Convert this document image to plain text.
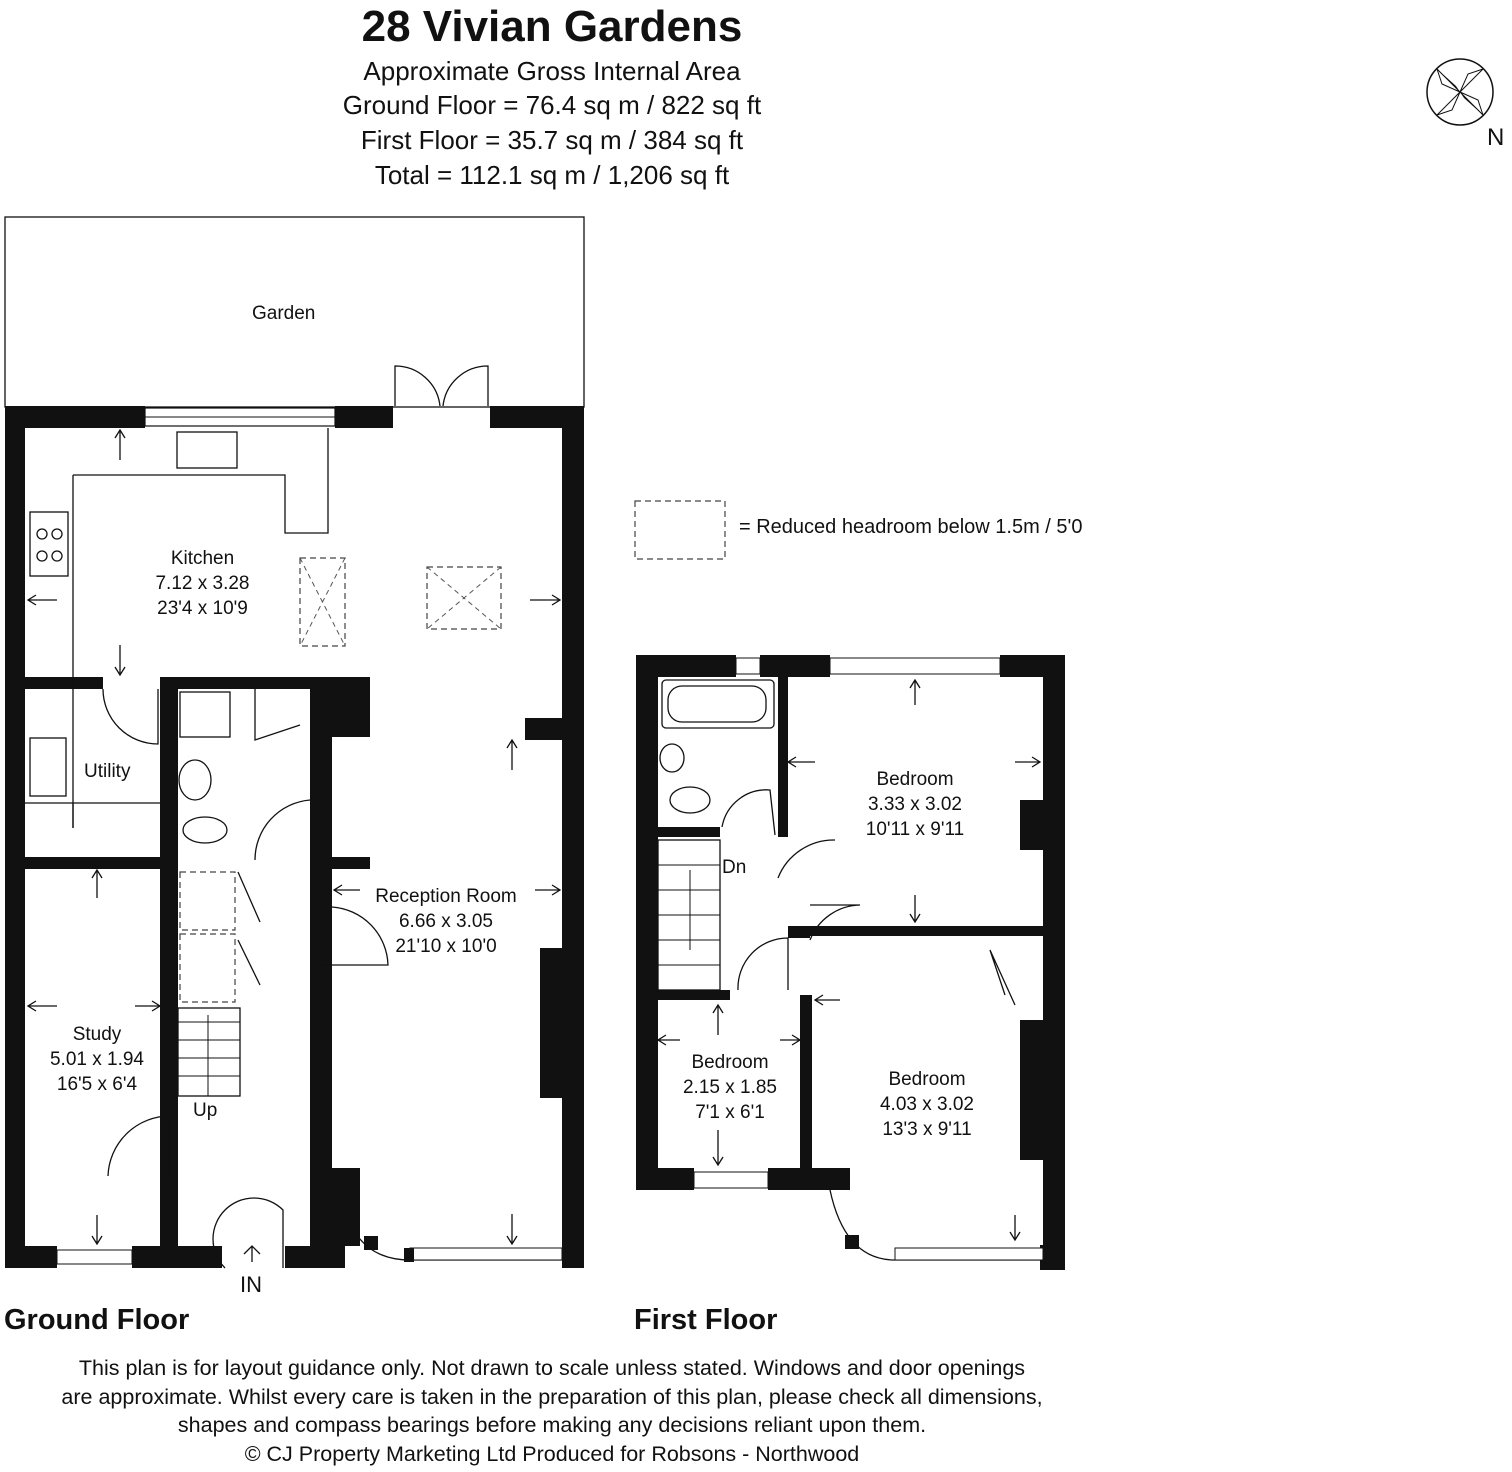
28 Vivian Gardens
Approximate Gross Internal Area
Ground Floor = 76.4 sq m / 822 sq ft
First Floor = 35.7 sq m / 384 sq ft
Total = 112.1 sq m / 1,206 sq ft
N
= Reduced headroom below 1.5m / 5'0
Garden
Kitchen
7.12 x 3.28
23'4 x 10'9
Utility
Reception Room
6.66 x 3.05
21'10 x 10'0
Study
5.01 x 1.94
16'5 x 6'4
Up
IN
Ground Floor
Dn
Bedroom
3.33 x 3.02
10'11 x 9'11
Bedroom
2.15 x 1.85
7'1 x 6'1
Bedroom
4.03 x 3.02
13'3 x 9'11
First Floor
This plan is for layout guidance only. Not drawn to scale unless stated. Windows and door openings
are approximate. Whilst every care is taken in the preparation of this plan, please check all dimensions,
shapes and compass bearings before making any decisions reliant upon them.
© CJ Property Marketing Ltd Produced for Robsons - Northwood
